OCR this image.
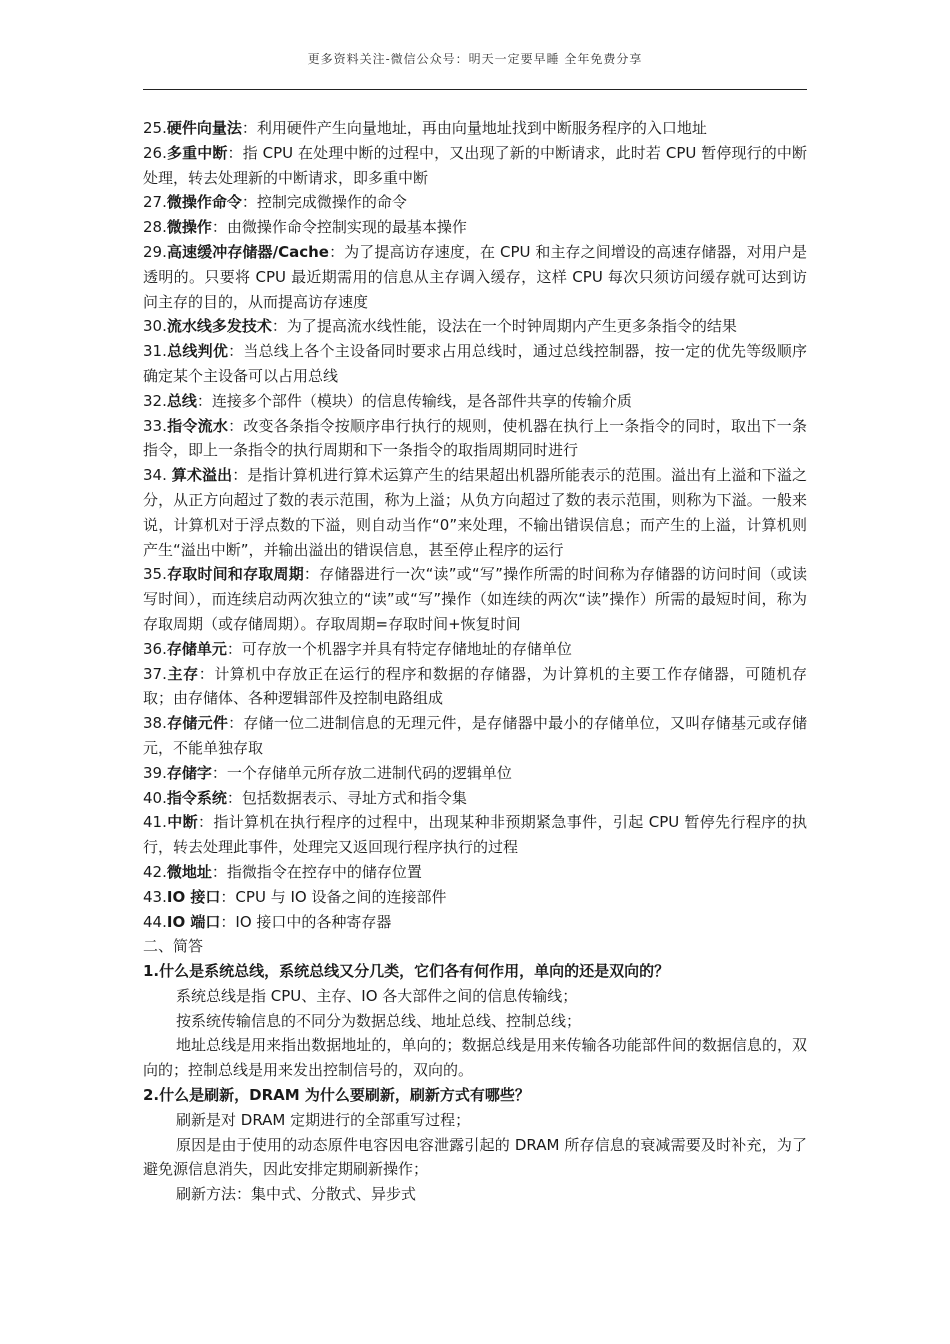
更多资料关注-微信公众号：明天一定要早睡 全年免费分享

25.硬件向量法：利用硬件产生向量地址，再由向量地址找到中断服务程序的入口地址

26.多重中断：指 CPU 在处理中断的过程中，又出现了新的中断请求，此时若 CPU 暂停现行的中断处理，转去处理新的中断请求，即多重中断

27.微操作命令：控制完成微操作的命令

28.微操作：由微操作命令控制实现的最基本操作

29.高速缓冲存储器/Cache：为了提高访存速度，在 CPU 和主存之间增设的高速存储器，对用户是透明的。只要将 CPU 最近期需用的信息从主存调入缓存，这样 CPU 每次只须访问缓存就可达到访问主存的目的，从而提高访存速度

30.流水线多发技术：为了提高流水线性能，设法在一个时钟周期内产生更多条指令的结果

31.总线判优：当总线上各个主设备同时要求占用总线时，通过总线控制器，按一定的优先等级顺序确定某个主设备可以占用总线

32.总线：连接多个部件（模块）的信息传输线，是各部件共享的传输介质

33.指令流水：改变各条指令按顺序串行执行的规则，使机器在执行上一条指令的同时，取出下一条指令，即上一条指令的执行周期和下一条指令的取指周期同时进行

34. 算术溢出：是指计算机进行算术运算产生的结果超出机器所能表示的范围。溢出有上溢和下溢之分，从正方向超过了数的表示范围，称为上溢；从负方向超过了数的表示范围，则称为下溢。一般来说，计算机对于浮点数的下溢，则自动当作“0”来处理，不输出错误信息；而产生的上溢，计算机则产生“溢出中断”，并输出溢出的错误信息，甚至停止程序的运行

35.存取时间和存取周期：存储器进行一次“读”或“写”操作所需的时间称为存储器的访问时间（或读写时间），而连续启动两次独立的“读”或“写”操作（如连续的两次“读”操作）所需的最短时间，称为存取周期（或存储周期）。存取周期=存取时间+恢复时间

36.存储单元：可存放一个机器字并具有特定存储地址的存储单位

37.主存：计算机中存放正在运行的程序和数据的存储器，为计算机的主要工作存储器，可随机存取；由存储体、各种逻辑部件及控制电路组成

38.存储元件：存储一位二进制信息的无理元件，是存储器中最小的存储单位，又叫存储基元或存储元，不能单独存取

39.存储字：一个存储单元所存放二进制代码的逻辑单位

40.指令系统：包括数据表示、寻址方式和指令集

41.中断：指计算机在执行程序的过程中，出现某种非预期紧急事件，引起 CPU 暂停先行程序的执行，转去处理此事件，处理完又返回现行程序执行的过程

42.微地址：指微指令在控存中的储存位置

43.IO 接口：CPU 与 IO 设备之间的连接部件

44.IO 端口：IO 接口中的各种寄存器

二、简答

1.什么是系统总线，系统总线又分几类，它们各有何作用，单向的还是双向的？

系统总线是指 CPU、主存、IO 各大部件之间的信息传输线；

按系统传输信息的不同分为数据总线、地址总线、控制总线；

地址总线是用来指出数据地址的，单向的；数据总线是用来传输各功能部件间的数据信息的，双向的；控制总线是用来发出控制信号的，双向的。

2.什么是刷新，DRAM 为什么要刷新，刷新方式有哪些？

刷新是对 DRAM 定期进行的全部重写过程；

原因是由于使用的动态原件电容因电容泄露引起的 DRAM 所存信息的衰减需要及时补充，为了避免源信息消失，因此安排定期刷新操作；

刷新方法：集中式、分散式、异步式
